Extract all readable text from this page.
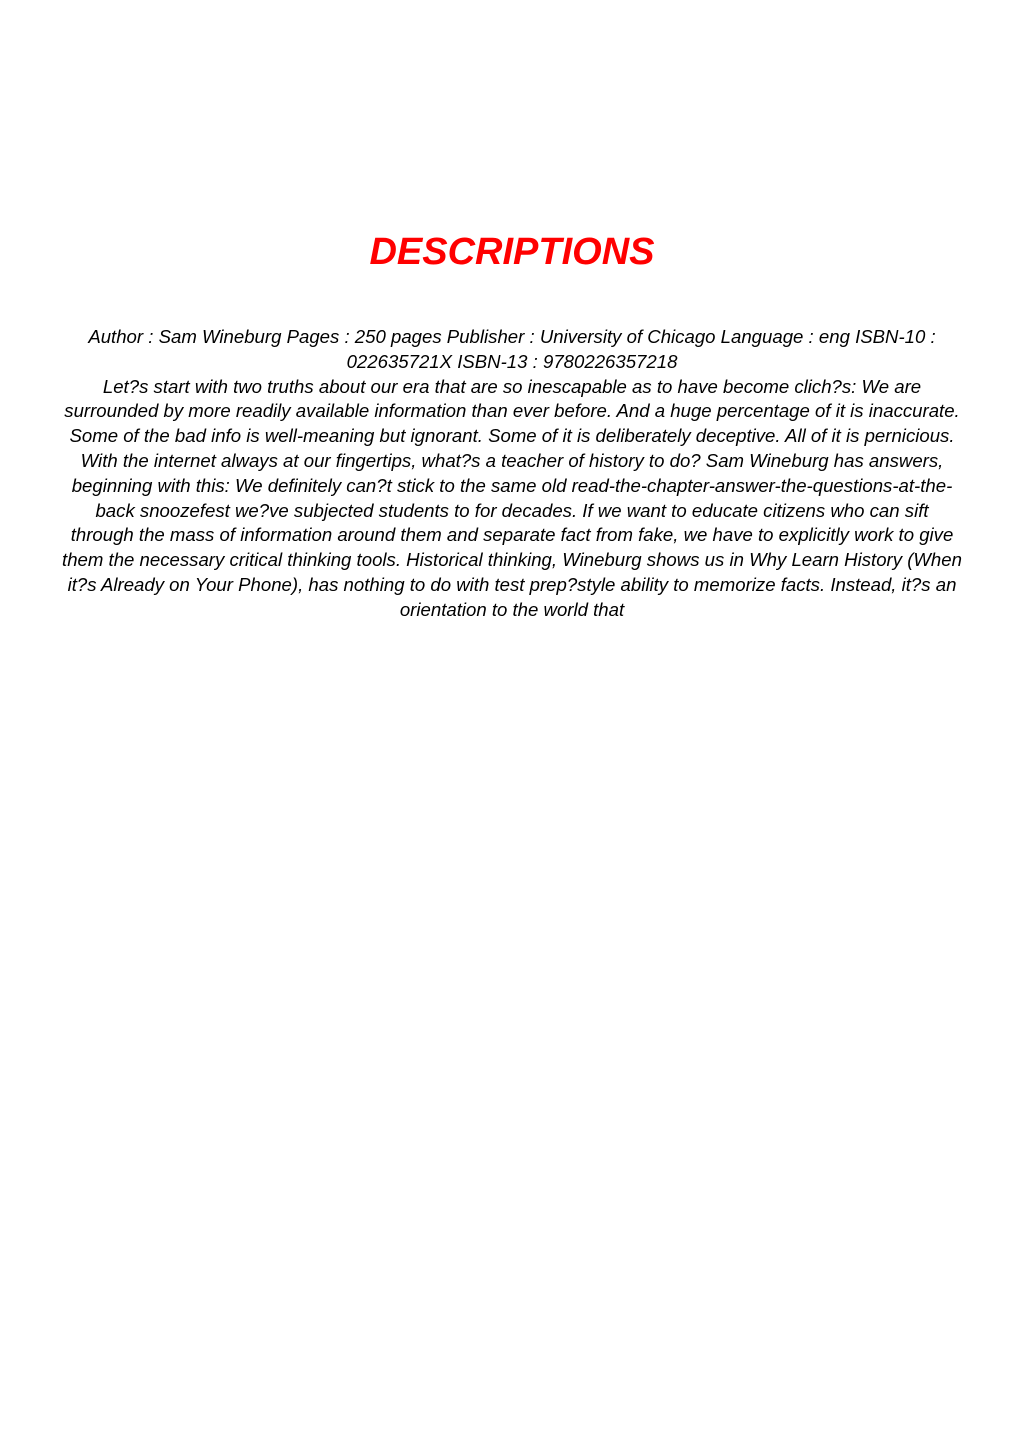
DESCRIPTIONS

Author : Sam Wineburg Pages : 250 pages Publisher : University of Chicago Language : eng ISBN-10 : 022635721X ISBN-13 : 9780226357218

Let?s start with two truths about our era that are so inescapable as to have become clich?s: We are surrounded by more readily available information than ever before. And a huge percentage of it is inaccurate. Some of the bad info is well-meaning but ignorant. Some of it is deliberately deceptive. All of it is pernicious. With the internet always at our fingertips, what?s a teacher of history to do? Sam Wineburg has answers, beginning with this: We definitely can?t stick to the same old read-the-chapter-answer-the-questions-at-the-back snoozefest we?ve subjected students to for decades. If we want to educate citizens who can sift through the mass of information around them and separate fact from fake, we have to explicitly work to give them the necessary critical thinking tools. Historical thinking, Wineburg shows us in Why Learn History (When it?s Already on Your Phone), has nothing to do with test prep?style ability to memorize facts. Instead, it?s an orientation to the world that
